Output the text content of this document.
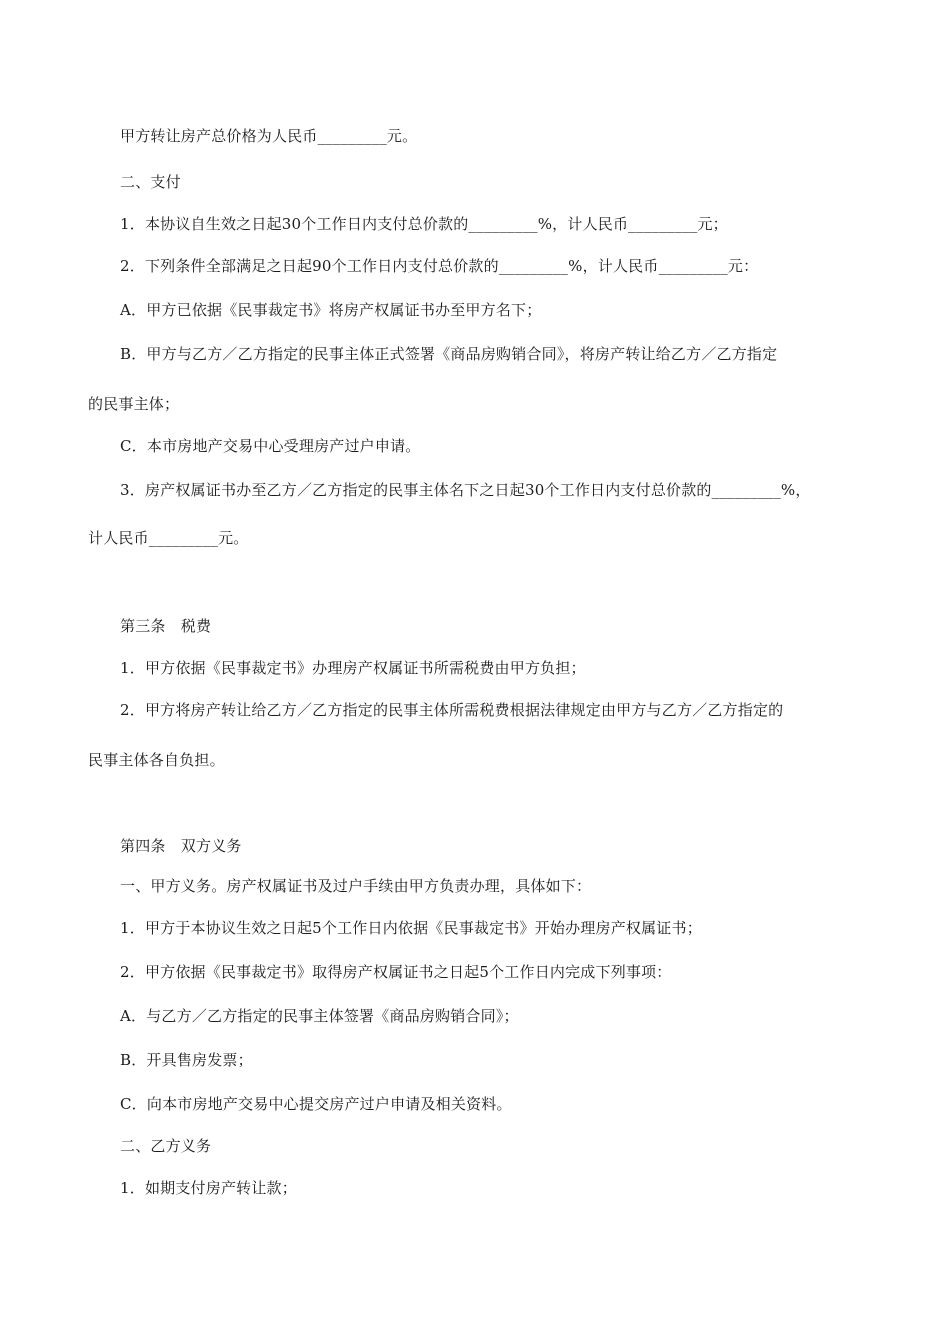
甲方转让房产总价格为人民币_________元。
二、支付
1．本协议自生效之日起30个工作日内支付总价款的_________%，计人民币_________元；
2．下列条件全部满足之日起90个工作日内支付总价款的_________%，计人民币_________元：
A．甲方已依据《民事裁定书》将房产权属证书办至甲方名下；
B．甲方与乙方／乙方指定的民事主体正式签署《商品房购销合同》，将房产转让给乙方／乙方指定
的民事主体；
C．本市房地产交易中心受理房产过户申请。
3．房产权属证书办至乙方／乙方指定的民事主体名下之日起30个工作日内支付总价款的_________%，
计人民币_________元。
第三条　税费
1．甲方依据《民事裁定书》办理房产权属证书所需税费由甲方负担；
2．甲方将房产转让给乙方／乙方指定的民事主体所需税费根据法律规定由甲方与乙方／乙方指定的
民事主体各自负担。
第四条　双方义务
一、甲方义务。房产权属证书及过户手续由甲方负责办理，具体如下：
1．甲方于本协议生效之日起5个工作日内依据《民事裁定书》开始办理房产权属证书；
2．甲方依据《民事裁定书》取得房产权属证书之日起5个工作日内完成下列事项：
A．与乙方／乙方指定的民事主体签署《商品房购销合同》；
B．开具售房发票；
C．向本市房地产交易中心提交房产过户申请及相关资料。
二、乙方义务
1．如期支付房产转让款；
